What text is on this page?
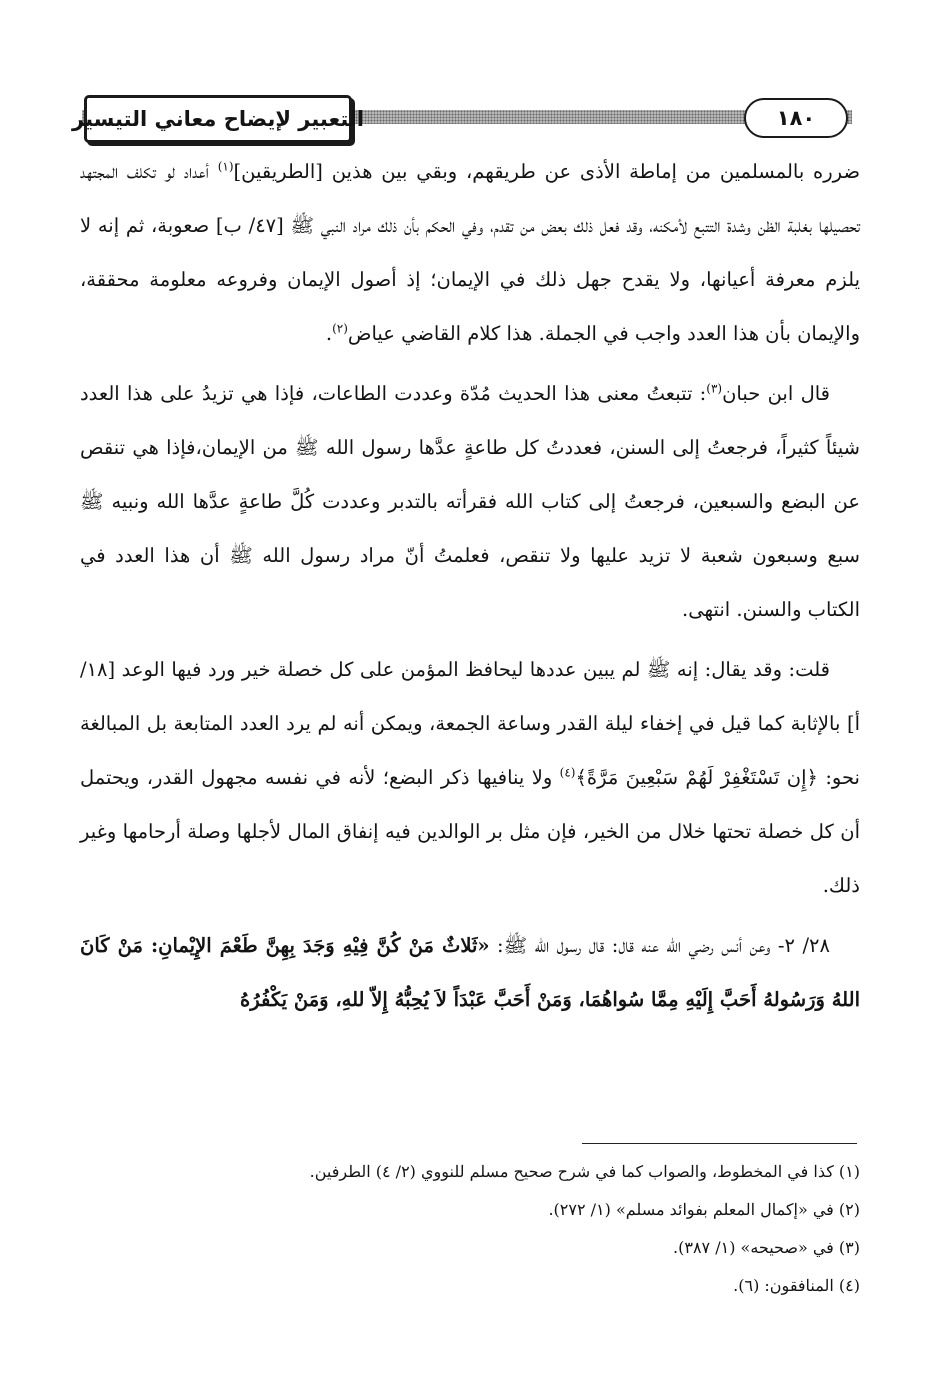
التعبير لإيضاح معاني التيسير	١٨٠

ضرره بالمسلمين من إماطة الأذى عن طريقهم، وبقي بين هذين [الطريقين]$^{(١)}$ أعداد لو تكلف المجتهد تحصيلها بغلبة الظن وشدة التتبع لأمكنه، وقد فعل ذلك بعض من تقدم، وفي الحكم بأن ذلك مراد النبي ﷺ [٤٧/ ب] صعوبة، ثم إنه لا يلزم معرفة أعيانها، ولا يقدح جهل ذلك في الإيمان؛ إذ أصول الإيمان وفروعه معلومة محققة، والإيمان بأن هذا العدد واجب في الجملة. هذا كلام القاضي عياض$^{(٢)}$.

قال ابن حبان$^{(٣)}$: تتبعتُ معنى هذا الحديث مُدّة وعددت الطاعات، فإذا هي تزيدُ على هذا العدد شيئاً كثيراً، فرجعتُ إلى السنن، فعددتُ كل طاعةٍ عدَّها رسول الله ﷺ من الإيمان،فإذا هي تنقص عن البضع والسبعين، فرجعتُ إلى كتاب الله فقرأته بالتدبر وعددت كُلَّ طاعةٍ عدَّها الله ونبيه ﷺ سبع وسبعون شعبة لا تزيد عليها ولا تنقص، فعلمتُ أنّ مراد رسول الله ﷺ أن هذا العدد في الكتاب والسنن. انتهى.

قلت: وقد يقال: إنه ﷺ لم يبين عددها ليحافظ المؤمن على كل خصلة خير ورد فيها الوعد [١٨/أ] بالإثابة كما قيل في إخفاء ليلة القدر وساعة الجمعة، ويمكن أنه لم يرد العدد المتابعة بل المبالغة نحو: ﴿إِن تَسْتَغْفِرْ لَهُمْ سَبْعِينَ مَرَّةً﴾$^{(٤)}$ ولا ينافيها ذكر البضع؛ لأنه في نفسه مجهول القدر، ويحتمل أن كل خصلة تحتها خلال من الخير، فإن مثل بر الوالدين فيه إنفاق المال لأجلها وصلة أرحامها وغير ذلك.

٢٨/ ٢- وعن أنس رضي الله عنه قال: قال رسول الله ﷺ: «ثَلاثٌ مَنْ كُنَّ فِيْهِ وَجَدَ بِهِنَّ طَعْمَ الإِيْمانِ: مَنْ كَانَ اللهُ وَرَسُولهُ أَحَبَّ إِلَيْهِ مِمَّا سُواهُمَا، وَمَنْ أَحَبَّ عَبْدَاً لاَ يُحِبُّهُ إِلاّ للهِ، وَمَنْ يَكْفُرُهُ

(١) كذا في المخطوط، والصواب كما في شرح صحيح مسلم للنووي (٢/ ٤) الطرفين.
(٢) في «إكمال المعلم بفوائد مسلم» (١/ ٢٧٢).
(٣) في «صحيحه» (١/ ٣٨٧).
(٤) المنافقون: (٦).
